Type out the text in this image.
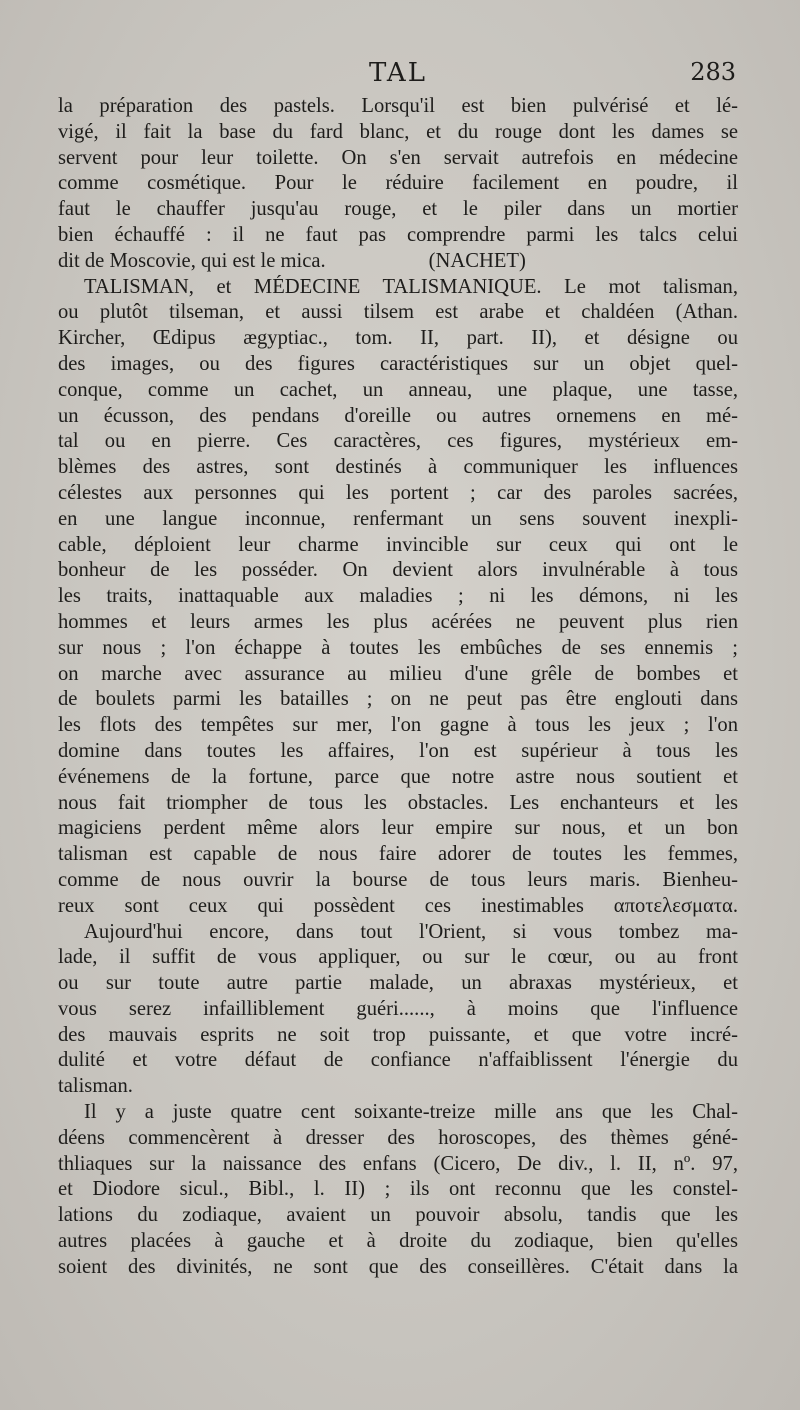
TAL	283
la préparation des pastels. Lorsqu'il est bien pulvérisé et lé-
vigé, il fait la base du fard blanc, et du rouge dont les dames se
servent pour leur toilette. On s'en servait autrefois en médecine
comme cosmétique. Pour le réduire facilement en poudre, il
faut le chauffer jusqu'au rouge, et le piler dans un mortier
bien échauffé : il ne faut pas comprendre parmi les talcs celui
dit de Moscovie, qui est le mica.                    (NACHET)
TALISMAN, et MÉDECINE TALISMANIQUE. Le mot talisman,
ou plutôt tilseman, et aussi tilsem est arabe et chaldéen (Athan.
Kircher, Œdipus ægyptiac., tom. II, part. II), et désigne ou
des images, ou des figures caractéristiques sur un objet quel-
conque, comme un cachet, un anneau, une plaque, une tasse,
un écusson, des pendans d'oreille ou autres ornemens en mé-
tal ou en pierre. Ces caractères, ces figures, mystérieux em-
blèmes des astres, sont destinés à communiquer les influences
célestes aux personnes qui les portent ; car des paroles sacrées,
en une langue inconnue, renfermant un sens souvent inexpli-
cable, déploient leur charme invincible sur ceux qui ont le
bonheur de les posséder. On devient alors invulnérable à tous
les traits, inattaquable aux maladies ; ni les démons, ni les
hommes et leurs armes les plus acérées ne peuvent plus rien
sur nous ; l'on échappe à toutes les embûches de ses ennemis ;
on marche avec assurance au milieu d'une grêle de bombes et
de boulets parmi les batailles ; on ne peut pas être englouti dans
les flots des tempêtes sur mer, l'on gagne à tous les jeux ; l'on
domine dans toutes les affaires, l'on est supérieur à tous les
événemens de la fortune, parce que notre astre nous soutient et
nous fait triompher de tous les obstacles. Les enchanteurs et les
magiciens perdent même alors leur empire sur nous, et un bon
talisman est capable de nous faire adorer de toutes les femmes,
comme de nous ouvrir la bourse de tous leurs maris. Bienheu-
reux sont ceux qui possèdent ces inestimables αποτελεσματα.
Aujourd'hui encore, dans tout l'Orient, si vous tombez ma-
lade, il suffit de vous appliquer, ou sur le cœur, ou au front
ou sur toute autre partie malade, un abraxas mystérieux, et
vous serez infailliblement guéri......, à moins que l'influence
des mauvais esprits ne soit trop puissante, et que votre incré-
dulité et votre défaut de confiance n'affaiblissent l'énergie du
talisman.
Il y a juste quatre cent soixante-treize mille ans que les Chal-
déens commencèrent à dresser des horoscopes, des thèmes géné-
thliaques sur la naissance des enfans (Cicero, De div., l. II, nº. 97,
et Diodore sicul., Bibl., l. II) ; ils ont reconnu que les constel-
lations du zodiaque, avaient un pouvoir absolu, tandis que les
autres placées à gauche et à droite du zodiaque, bien qu'elles
soient des divinités, ne sont que des conseillères. C'était dans la
